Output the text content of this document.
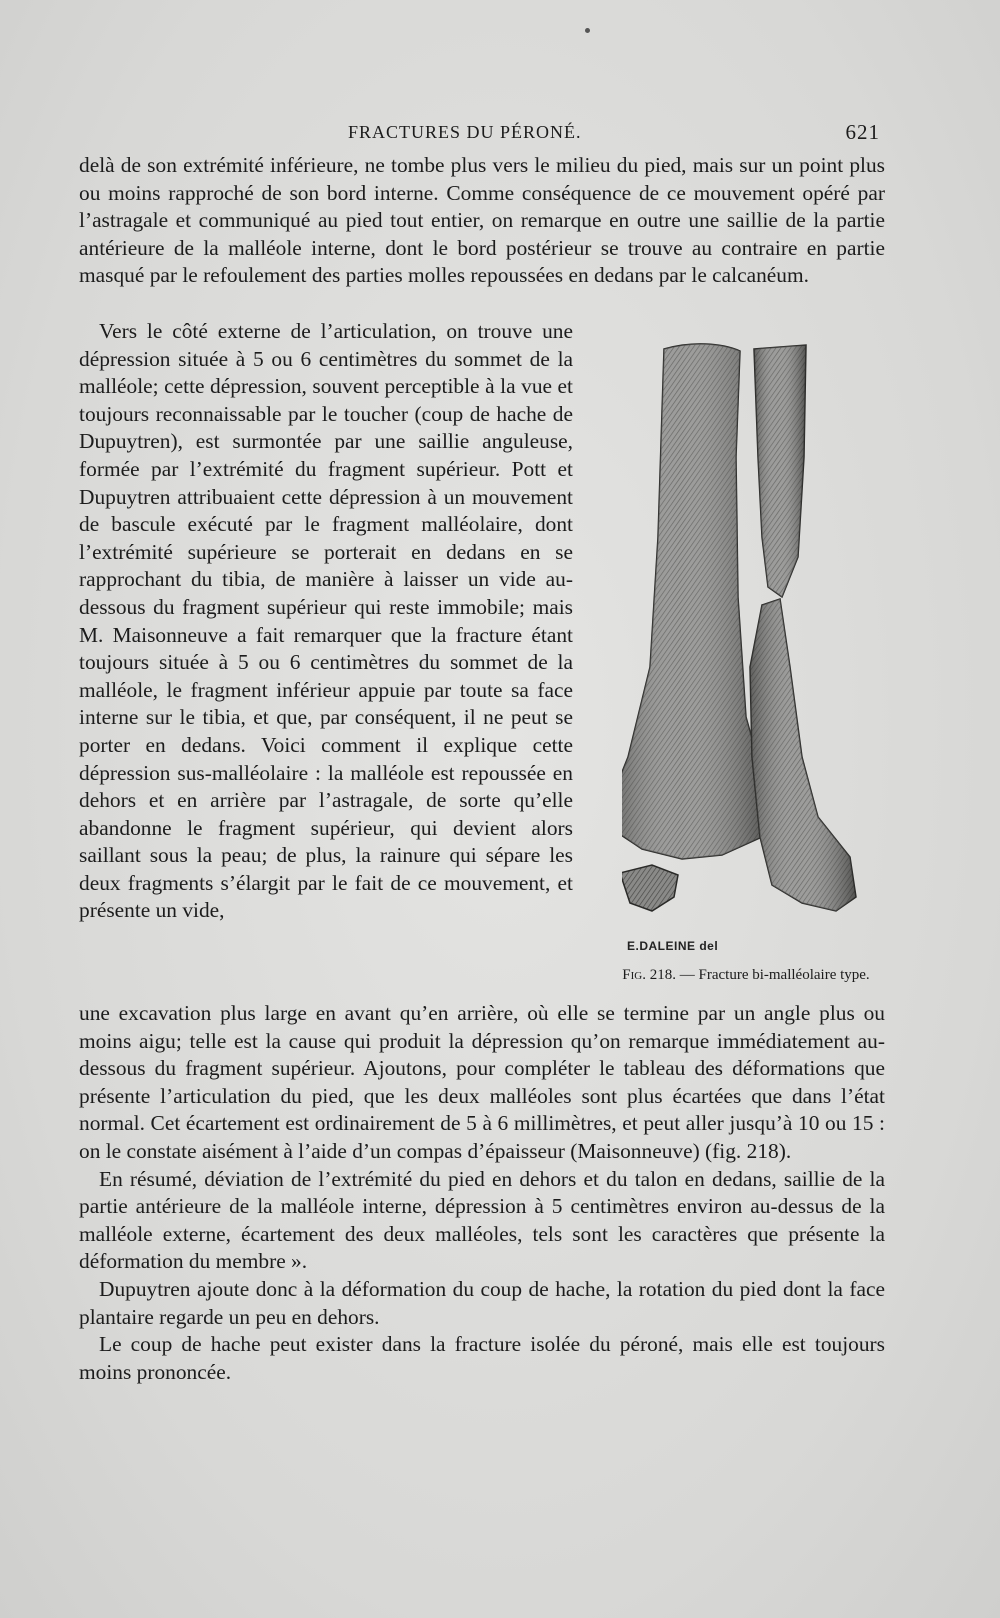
FRACTURES DU PÉRONÉ.	621

delà de son extrémité inférieure, ne tombe plus vers le milieu du pied, mais sur un point plus ou moins rapproché de son bord interne. Comme conséquence de ce mouvement opéré par l’astragale et communiqué au pied tout entier, on remarque en outre une saillie de la partie antérieure de la malléole interne, dont le bord postérieur se trouve au contraire en partie masqué par le refoulement des parties molles repoussées en dedans par le calcanéum.

Vers le côté externe de l’articulation, on trouve une dépression située à 5 ou 6 centimètres du sommet de la malléole; cette dépression, souvent perceptible à la vue et toujours reconnaissable par le toucher (coup de hache de Dupuytren), est surmontée par une saillie anguleuse, formée par l’extrémité du fragment supérieur. Pott et Dupuytren attribuaient cette dépression à un mouvement de bascule exécuté par le fragment malléolaire, dont l’extrémité supérieure se porterait en dedans en se rapprochant du tibia, de manière à laisser un vide au-dessous du fragment supérieur qui reste immobile; mais M. Maisonneuve a fait remarquer que la fracture étant toujours située à 5 ou 6 centimètres du sommet de la malléole, le fragment inférieur appuie par toute sa face interne sur le tibia, et que, par conséquent, il ne peut se porter en dedans. Voici comment il explique cette dépression sus-malléolaire : la malléole est repoussée en dehors et en arrière par l’astragale, de sorte qu’elle abandonne le fragment supérieur, qui devient alors saillant sous la peau; de plus, la rainure qui sépare les deux fragments s’élargit par le fait de ce mouvement, et présente un vide,

E.DALEINE del
Fig. 218. — Fracture bi-malléolaire type.

une excavation plus large en avant qu’en arrière, où elle se termine par un angle plus ou moins aigu; telle est la cause qui produit la dépression qu’on remarque immédiatement au-dessous du fragment supérieur. Ajoutons, pour compléter le tableau des déformations que présente l’articulation du pied, que les deux malléoles sont plus écartées que dans l’état normal. Cet écartement est ordinairement de 5 à 6 millimètres, et peut aller jusqu’à 10 ou 15 : on le constate aisément à l’aide d’un compas d’épaisseur (Maisonneuve) (fig. 218).

En résumé, déviation de l’extrémité du pied en dehors et du talon en dedans, saillie de la partie antérieure de la malléole interne, dépression à 5 centimètres environ au-dessus de la malléole externe, écartement des deux malléoles, tels sont les caractères que présente la déformation du membre ».

Dupuytren ajoute donc à la déformation du coup de hache, la rotation du pied dont la face plantaire regarde un peu en dehors.

Le coup de hache peut exister dans la fracture isolée du péroné, mais elle est toujours moins prononcée.
